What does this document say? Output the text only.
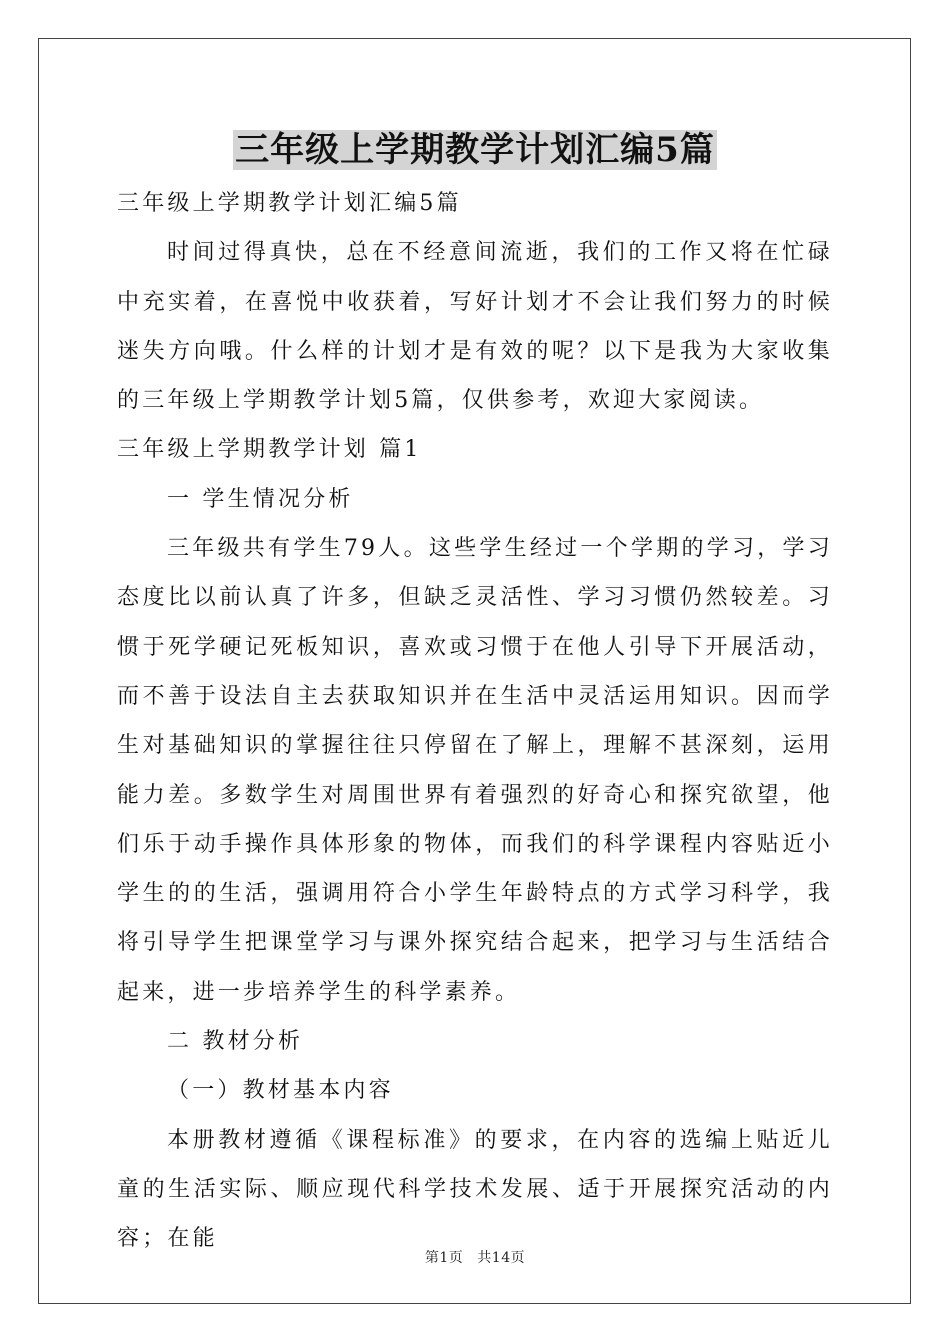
三年级上学期教学计划汇编5篇

三年级上学期教学计划汇编5篇

时间过得真快，总在不经意间流逝，我们的工作又将在忙碌中充实着，在喜悦中收获着，写好计划才不会让我们努力的时候迷失方向哦。什么样的计划才是有效的呢？以下是我为大家收集的三年级上学期教学计划5篇，仅供参考，欢迎大家阅读。

三年级上学期教学计划 篇1

一 学生情况分析

三年级共有学生79人。这些学生经过一个学期的学习，学习态度比以前认真了许多，但缺乏灵活性、学习习惯仍然较差。习惯于死学硬记死板知识，喜欢或习惯于在他人引导下开展活动，而不善于设法自主去获取知识并在生活中灵活运用知识。因而学生对基础知识的掌握往往只停留在了解上，理解不甚深刻，运用能力差。多数学生对周围世界有着强烈的好奇心和探究欲望，他们乐于动手操作具体形象的物体，而我们的科学课程内容贴近小学生的的生活，强调用符合小学生年龄特点的方式学习科学，我将引导学生把课堂学习与课外探究结合起来，把学习与生活结合起来，进一步培养学生的科学素养。

二 教材分析

（一）教材基本内容

本册教材遵循《课程标准》的要求，在内容的选编上贴近儿童的生活实际、顺应现代科学技术发展、适于开展探究活动的内容；在能

第1页 共14页
